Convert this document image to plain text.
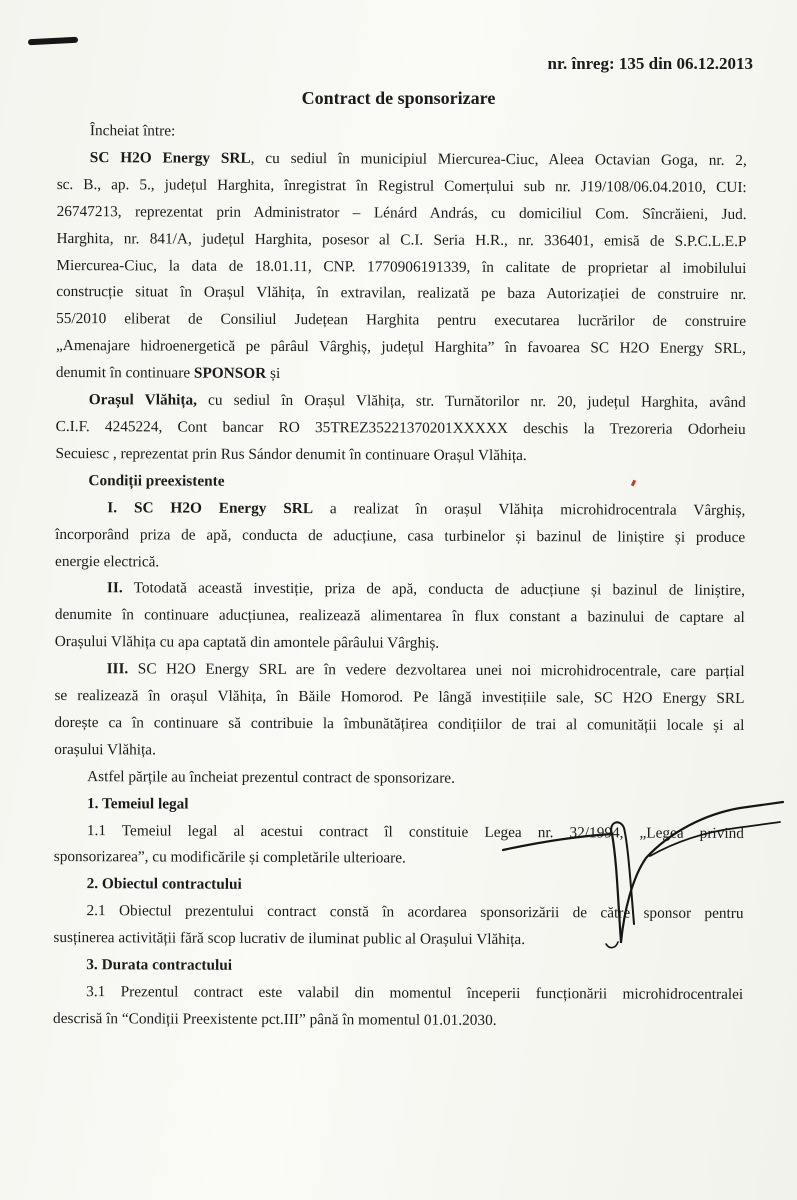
nr. înreg: 135 din 06.12.2013
Contract de sponsorizare

Încheiat între:

SC H2O Energy SRL, cu sediul în municipiul Miercurea-Ciuc, Aleea Octavian Goga, nr. 2,

sc. B., ap. 5., județul Harghita, înregistrat în Registrul Comerțului sub nr. J19/108/06.04.2010, CUI:

26747213, reprezentat prin Administrator – Lénárd András, cu domiciliul Com. Sîncrăieni, Jud.

Harghita, nr. 841/A, județul Harghita, posesor al C.I. Seria H.R., nr. 336401, emisă de S.P.C.L.E.P

Miercurea-Ciuc, la data de 18.01.11, CNP. 1770906191339, în calitate de proprietar al imobilului

construcție situat în Orașul Vlăhița, în extravilan, realizată pe baza Autorizației de construire nr.

55/2010 eliberat de Consiliul Județean Harghita pentru executarea lucrărilor de construire

„Amenajare hidroenergetică pe pârâul Vârghiș, județul Harghita” în favoarea SC H2O Energy SRL,

denumit în continuare SPONSOR și

Orașul Vlăhița, cu sediul în Orașul Vlăhița, str. Turnătorilor nr. 20, județul Harghita, având

C.I.F. 4245224, Cont bancar RO 35TREZ35221370201XXXXX deschis la Trezoreria Odorheiu

Secuiesc , reprezentat prin Rus Sándor denumit în continuare Orașul Vlăhița.

Condiții preexistente

I. SC H2O Energy SRL a realizat în orașul Vlăhița microhidrocentrala Vârghiș,

încorporând priza de apă, conducta de aducțiune, casa turbinelor și bazinul de liniștire și produce

energie electrică.

II. Totodată această investiție, priza de apă, conducta de aducțiune și bazinul de liniștire,

denumite în continuare aducțiunea, realizează alimentarea în flux constant a bazinului de captare al

Orașului Vlăhița cu apa captată din amontele pârâului Vârghiș.

III. SC H2O Energy SRL are în vedere dezvoltarea unei noi microhidrocentrale, care parțial

se realizează în orașul Vlăhița, în Băile Homorod. Pe lângă investițiile sale, SC H2O Energy SRL

dorește ca în continuare să contribuie la îmbunătățirea condițiilor de trai al comunității locale și al

orașului Vlăhița.

Astfel părțile au încheiat prezentul contract de sponsorizare.

1. Temeiul legal

1.1 Temeiul legal al acestui contract îl constituie Legea nr. 32/1994, „Legea privind

sponsorizarea”, cu modificările și completările ulterioare.

2. Obiectul contractului

2.1 Obiectul prezentului contract constă în acordarea sponsorizării de către sponsor pentru

susținerea activității fără scop lucrativ de iluminat public al Orașului Vlăhița.

3. Durata contractului

3.1 Prezentul contract este valabil din momentul începerii funcționării microhidrocentralei

descrisă în “Condiții Preexistente pct.III” până în momentul 01.01.2030.
